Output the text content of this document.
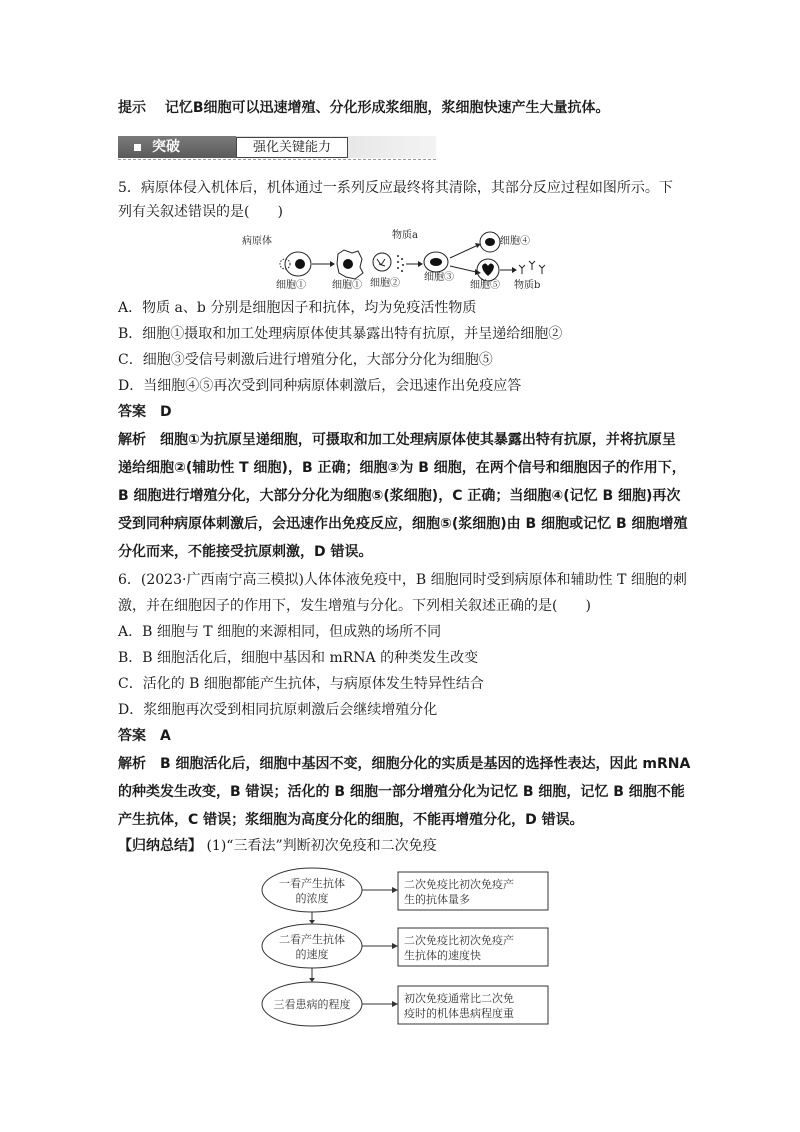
提示　 记忆B细胞可以迅速增殖、分化形成浆细胞，浆细胞快速产生大量抗体。
突破	强化关键能力
5．病原体侵入机体后，机体通过一系列反应最终将其清除，其部分反应过程如图所示。下
列有关叙述错误的是(　　)
病原体
细胞①	细胞① 细胞②
物质a
细胞③
细胞④
细胞⑤ 物质b
A．物质 a、b 分别是细胞因子和抗体，均为免疫活性物质
B．细胞①摄取和加工处理病原体使其暴露出特有抗原，并呈递给细胞②
C．细胞③受信号刺激后进行增殖分化，大部分分化为细胞⑤
D．当细胞④⑤再次受到同种病原体刺激后，会迅速作出免疫应答
答案　 D
解析　 细胞①为抗原呈递细胞，可摄取和加工处理病原体使其暴露出特有抗原，并将抗原呈
递给细胞②(辅助性 T 细胞)，B 正确；细胞③为 B 细胞，在两个信号和细胞因子的作用下，
B 细胞进行增殖分化，大部分分化为细胞⑤(浆细胞)，C 正确；当细胞④(记忆 B 细胞)再次
受到同种病原体刺激后，会迅速作出免疫反应，细胞⑤(浆细胞)由 B 细胞或记忆 B 细胞增殖
分化而来，不能接受抗原刺激，D 错误。
6．(2023·广西南宁高三模拟)人体体液免疫中，B 细胞同时受到病原体和辅助性 T 细胞的刺
激，并在细胞因子的作用下，发生增殖与分化。下列相关叙述正确的是(　　)
A．B 细胞与 T 细胞的来源相同，但成熟的场所不同
B．B 细胞活化后，细胞中基因和 mRNA 的种类发生改变
C．活化的 B 细胞都能产生抗体，与病原体发生特异性结合
D．浆细胞再次受到相同抗原刺激后会继续增殖分化
答案　 A
解析　 B 细胞活化后，细胞中基因不变，细胞分化的实质是基因的选择性表达，因此 mRNA
的种类发生改变，B 错误；活化的 B 细胞一部分增殖分化为记忆 B 细胞，记忆 B 细胞不能
产生抗体，C 错误；浆细胞为高度分化的细胞，不能再增殖分化，D 错误。
【归纳总结】 (1)“三看法”判断初次免疫和二次免疫
一看产生抗体
的浓度
二看产生抗体
的速度
三看患病的程度
二次免疫比初次免疫产
生的抗体量多
二次免疫比初次免疫产
生抗体的速度快
初次免疫通常比二次免
疫时的机体患病程度重
